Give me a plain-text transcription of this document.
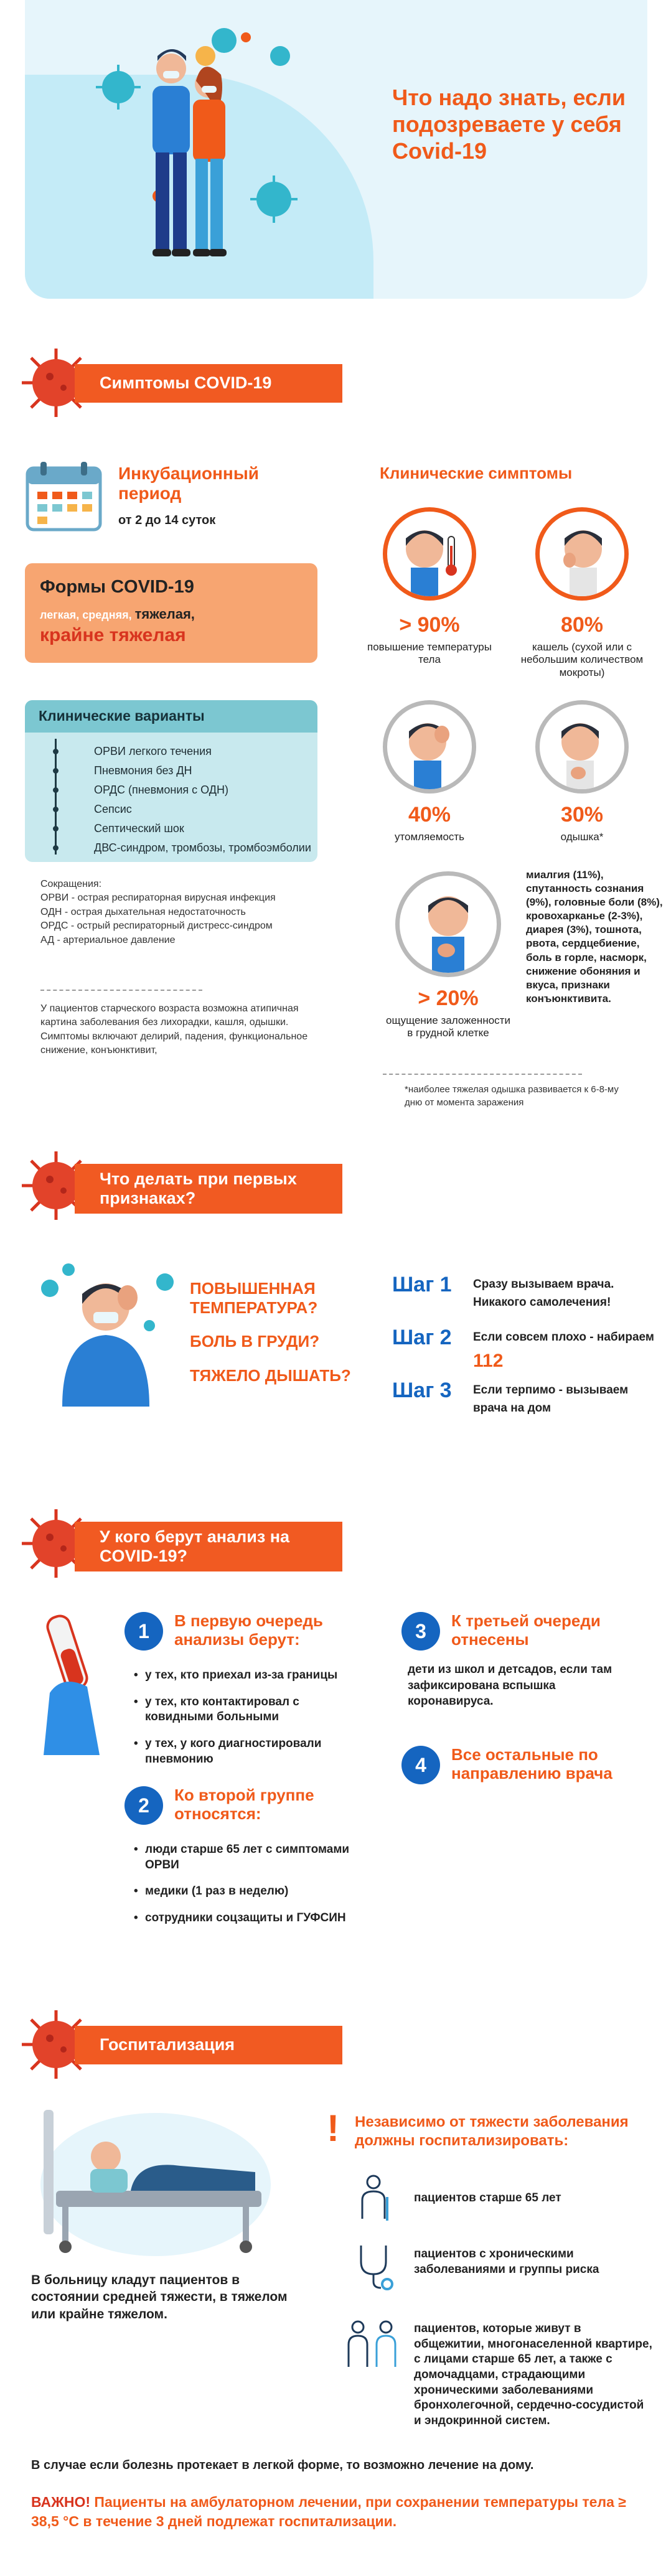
Что надо знать, если подозреваете у себя Covid-19
Симптомы COVID-19
Инкубационный период
от 2 до 14 суток
Формы COVID-19
легкая, средняя, тяжелая,
крайне тяжелая
Клинические варианты
ОРВИ легкого течения
Пневмония без ДН
ОРДС (пневмония с ОДН)
Сепсис
Септический шок
ДВС-синдром, тромбозы, тромбоэмболии
Сокращения:
ОРВИ - острая респираторная вирусная инфекция
ОДН - острая дыхательная недостаточность
ОРДС - острый респираторный дистресс-синдром
АД - артериальное давление
У пациентов старческого возраста возможна атипичная картина заболевания без лихорадки, кашля, одышки. Симптомы включают делирий, падения, функциональное снижение, конъюнктивит,
Клинические симптомы
> 90%
повышение температуры тела
80%
кашель (сухой или с небольшим количеством мокроты)
40%
утомляемость
30%
одышка*
> 20%
ощущение заложенности в грудной клетке
миалгия (11%), спутанность сознания (9%), головные боли (8%), кровохарканье (2-3%), диарея (3%), тошнота, рвота, сердцебиение, боль в горле, насморк, снижение обоняния и вкуса, признаки конъюнктивита.
*наиболее тяжелая одышка развивается к 6-8-му дню от момента заражения
Что делать при первых признаках?
ПОВЫШЕННАЯ ТЕМПЕРАТУРА?
БОЛЬ В ГРУДИ?
ТЯЖЕЛО ДЫШАТЬ?
Шаг 1 Сразу вызываем врача. Никакого самолечения!
Шаг 2 Если совсем плохо - набираем 112
Шаг 3 Если терпимо - вызываем врача на дом
У кого берут анализ на COVID-19?
1	В первую очередь анализы берут:
• у тех, кто приехал из-за границы
• у тех, кто контактировал с ковидными больными
• у тех, у кого диагностировали пневмонию
2	Ко второй группе относятся:
• люди старше 65 лет с симптомами ОРВИ
• медики (1 раз в неделю)
• сотрудники соцзащиты и ГУФСИН
3	К третьей очереди отнесены
дети из школ и детсадов, если там зафиксирована вспышка коронавируса.
4	Все остальные по направлению врача
Госпитализация
В больницу кладут пациентов в состоянии средней тяжести, в тяжелом или крайне тяжелом.
! Независимо от тяжести заболевания должны госпитализировать:
пациентов старше 65 лет
пациентов с хроническими заболеваниями и группы риска
пациентов, которые живут в общежитии, многонаселенной квартире, с лицами старше 65 лет, а также с домочадцами, страдающими хроническими заболеваниями бронхолегочной, сердечно-сосудистой и эндокринной систем.
В случае если болезнь протекает в легкой форме, то возможно лечение на дому.
ВАЖНО! Пациенты на амбулаторном лечении, при сохранении температуры тела ≥ 38,5 °С в течение 3 дней подлежат госпитализации.
